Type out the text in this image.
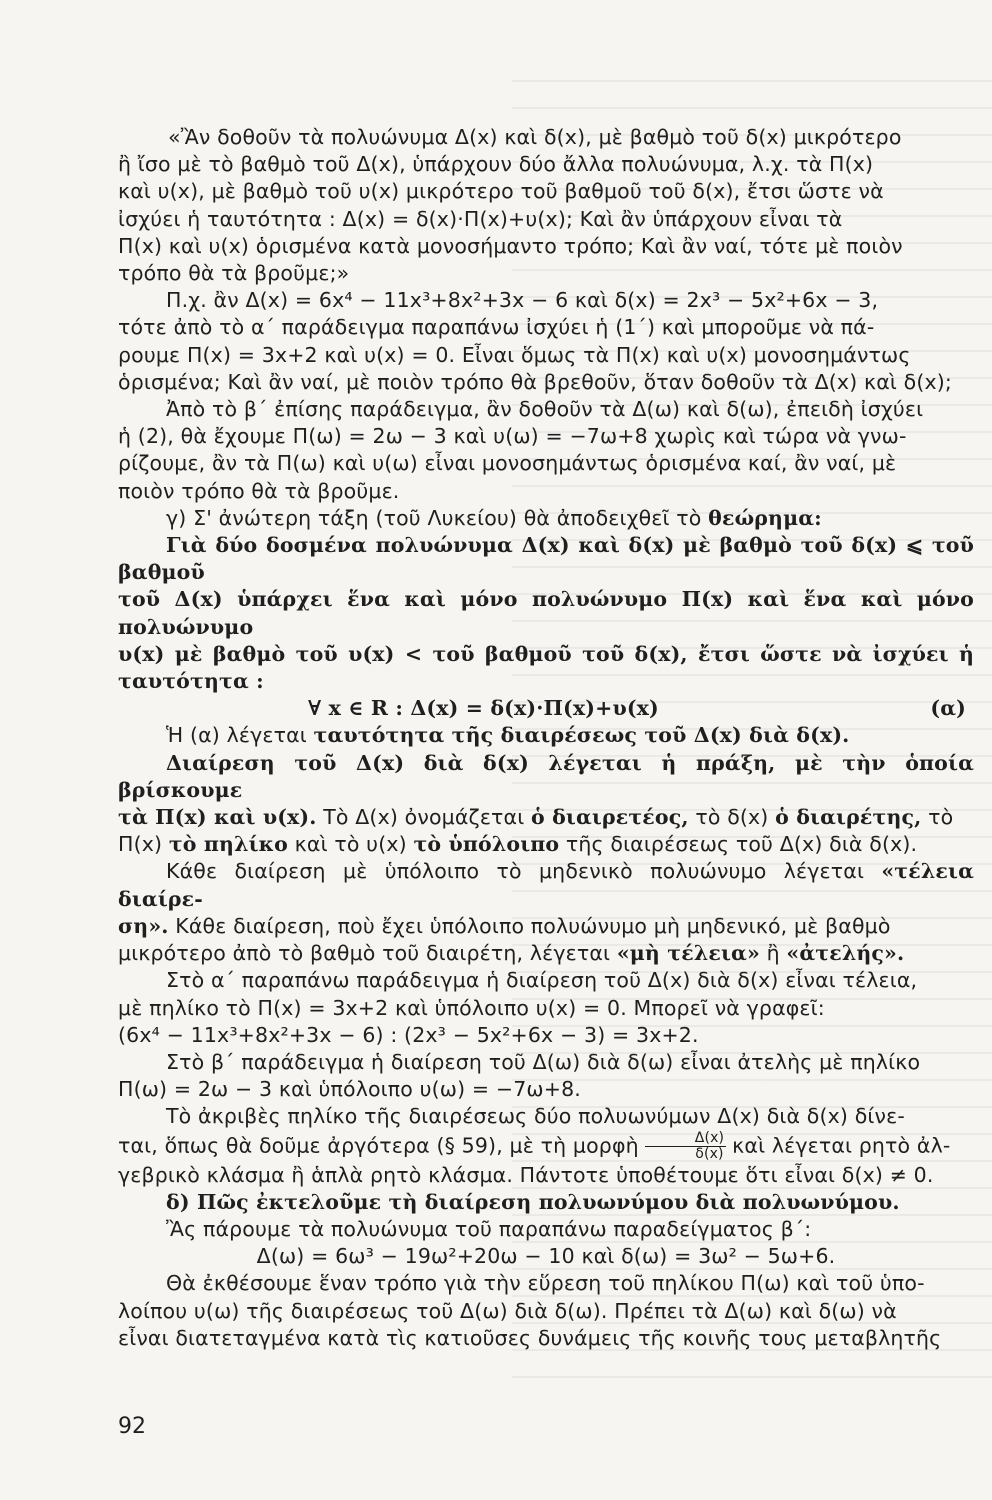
«Ἂν δοθοῦν τὰ πολυώνυμα Δ(x) καὶ δ(x), μὲ βαθμὸ τοῦ δ(x) μικρότερο
ἢ ἴσο μὲ τὸ βαθμὸ τοῦ Δ(x), ὑπάρχουν δύο ἄλλα πολυώνυμα, λ.χ. τὰ Π(x)
καὶ υ(x), μὲ βαθμὸ τοῦ υ(x) μικρότερο τοῦ βαθμοῦ τοῦ δ(x), ἔτσι ὥστε νὰ
ἰσχύει ἡ ταυτότητα : Δ(x) = δ(x)·Π(x)+υ(x); Καὶ ἂν ὑπάρχουν εἶναι τὰ
Π(x) καὶ υ(x) ὁρισμένα κατὰ μονοσήμαντο τρόπο; Καὶ ἂν ναί, τότε μὲ ποιὸν
τρόπο θὰ τὰ βροῦμε;»
Π.χ. ἂν Δ(x) = 6x⁴ − 11x³+8x²+3x − 6 καὶ δ(x) = 2x³ − 5x²+6x − 3,
τότε ἀπὸ τὸ α΄ παράδειγμα παραπάνω ἰσχύει ἡ (1΄) καὶ μποροῦμε νὰ πά-
ρουμε Π(x) = 3x+2 καὶ υ(x) = 0. Εἶναι ὅμως τὰ Π(x) καὶ υ(x) μονοσημάντως
ὁρισμένα; Καὶ ἂν ναί, μὲ ποιὸν τρόπο θὰ βρεθοῦν, ὅταν δοθοῦν τὰ Δ(x) καὶ δ(x);
Ἀπὸ τὸ β΄ ἐπίσης παράδειγμα, ἂν δοθοῦν τὰ Δ(ω) καὶ δ(ω), ἐπειδὴ ἰσχύει
ἡ (2), θὰ ἔχουμε Π(ω) = 2ω − 3 καὶ υ(ω) = −7ω+8 χωρὶς καὶ τώρα νὰ γνω-
ρίζουμε, ἂν τὰ Π(ω) καὶ υ(ω) εἶναι μονοσημάντως ὁρισμένα καί, ἂν ναί, μὲ
ποιὸν τρόπο θὰ τὰ βροῦμε.
γ) Σ' ἀνώτερη τάξη (τοῦ Λυκείου) θὰ ἀποδειχθεῖ τὸ θεώρημα:
Γιὰ δύο δοσμένα πολυώνυμα Δ(x) καὶ δ(x) μὲ βαθμὸ τοῦ δ(x) ⩽ τοῦ βαθμοῦ
τοῦ Δ(x) ὑπάρχει ἕνα καὶ μόνο πολυώνυμο Π(x) καὶ ἕνα καὶ μόνο πολυώνυμο
υ(x) μὲ βαθμὸ τοῦ υ(x) < τοῦ βαθμοῦ τοῦ δ(x), ἔτσι ὥστε νὰ ἰσχύει ἡ ταυτότητα :
∀ x ∈ R : Δ(x) = δ(x)·Π(x)+υ(x)	(α)
Ἡ (α) λέγεται ταυτότητα τῆς διαιρέσεως τοῦ Δ(x) διὰ δ(x).
Διαίρεση τοῦ Δ(x) διὰ δ(x) λέγεται ἡ πράξη, μὲ τὴν ὁποία βρίσκουμε
τὰ Π(x) καὶ υ(x). Τὸ Δ(x) ὀνομάζεται ὁ διαιρετέος, τὸ δ(x) ὁ διαιρέτης, τὸ
Π(x) τὸ πηλίκο καὶ τὸ υ(x) τὸ ὑπόλοιπο τῆς διαιρέσεως τοῦ Δ(x) διὰ δ(x).
Κάθε διαίρεση μὲ ὑπόλοιπο τὸ μηδενικὸ πολυώνυμο λέγεται «τέλεια διαίρε-
ση». Κάθε διαίρεση, ποὺ ἔχει ὑπόλοιπο πολυώνυμο μὴ μηδενικό, μὲ βαθμὸ
μικρότερο ἀπὸ τὸ βαθμὸ τοῦ διαιρέτη, λέγεται «μὴ τέλεια» ἢ «ἀτελής».
Στὸ α΄ παραπάνω παράδειγμα ἡ διαίρεση τοῦ Δ(x) διὰ δ(x) εἶναι τέλεια,
μὲ πηλίκο τὸ Π(x) = 3x+2 καὶ ὑπόλοιπο υ(x) = 0. Μπορεῖ νὰ γραφεῖ:
(6x⁴ − 11x³+8x²+3x − 6) : (2x³ − 5x²+6x − 3) = 3x+2.
Στὸ β΄ παράδειγμα ἡ διαίρεση τοῦ Δ(ω) διὰ δ(ω) εἶναι ἀτελὴς μὲ πηλίκο
Π(ω) = 2ω − 3 καὶ ὑπόλοιπο υ(ω) = −7ω+8.
Τὸ ἀκριβὲς πηλίκο τῆς διαιρέσεως δύο πολυωνύμων Δ(x) διὰ δ(x) δίνε-
ται, ὅπως θὰ δοῦμε ἀργότερα (§ 59), μὲ τὴ μορφὴ $\frac{\Delta(x)}{\delta(x)}$ καὶ λέγεται ρητὸ ἀλ-
γεβρικὸ κλάσμα ἢ ἁπλὰ ρητὸ κλάσμα. Πάντοτε ὑποθέτουμε ὅτι εἶναι δ(x) ≠ 0.
δ) Πῶς ἐκτελοῦμε τὴ διαίρεση πολυωνύμου διὰ πολυωνύμου.
Ἂς πάρουμε τὰ πολυώνυμα τοῦ παραπάνω παραδείγματος β΄:
Δ(ω) = 6ω³ − 19ω²+20ω − 10 καὶ δ(ω) = 3ω² − 5ω+6.
Θὰ ἐκθέσουμε ἕναν τρόπο γιὰ τὴν εὕρεση τοῦ πηλίκου Π(ω) καὶ τοῦ ὑπο-
λοίπου υ(ω) τῆς διαιρέσεως τοῦ Δ(ω) διὰ δ(ω). Πρέπει τὰ Δ(ω) καὶ δ(ω) νὰ
εἶναι διατεταγμένα κατὰ τὶς κατιοῦσες δυνάμεις τῆς κοινῆς τους μεταβλητῆς
92
